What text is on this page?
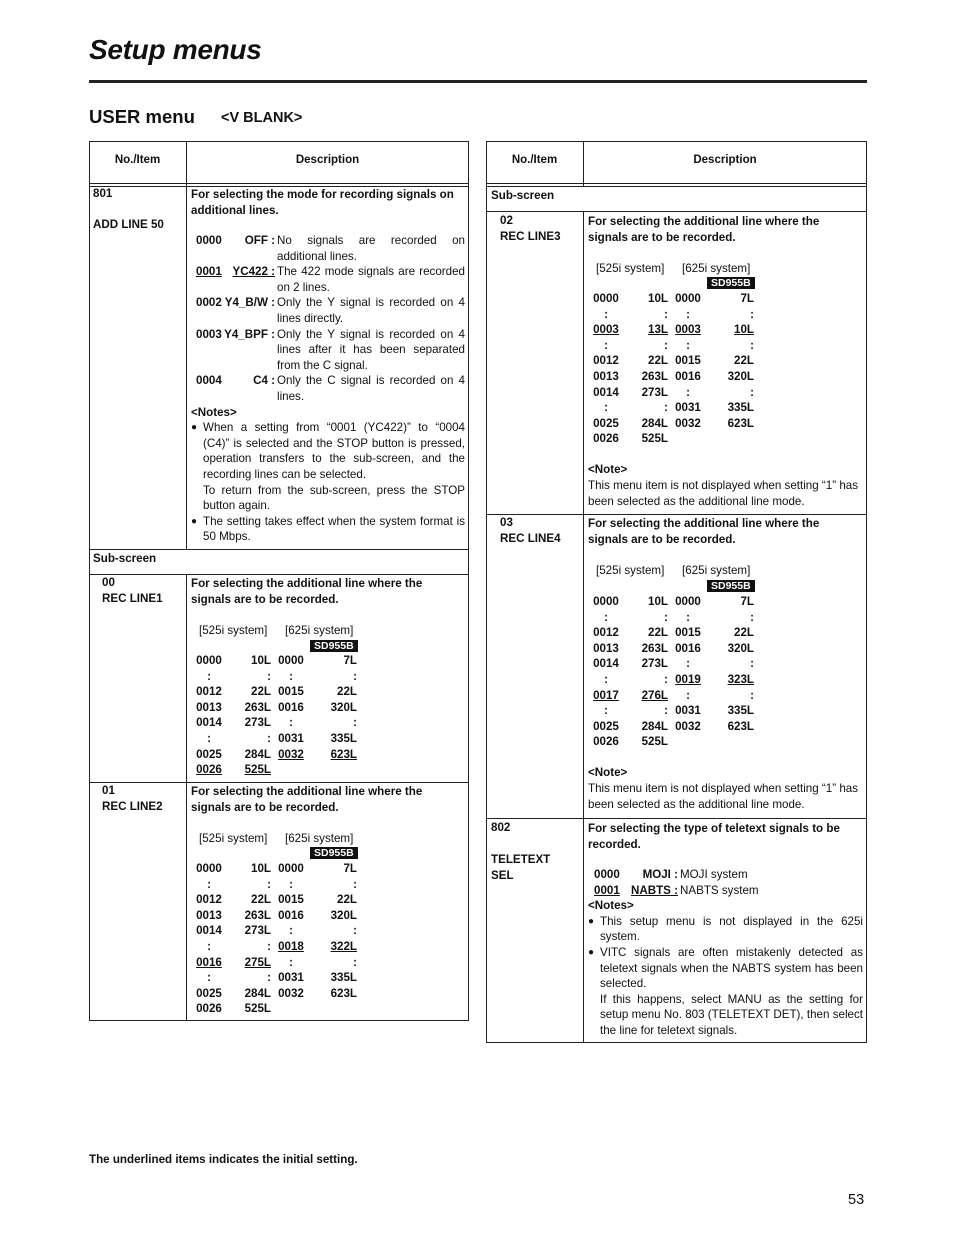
Setup menus
USER menu <V BLANK>
No./Item	Description
801
ADD LINE 50
For selecting the mode for recording signals on additional lines.
0000 OFF : No signals are recorded on additional lines.
0001 YC422 : The 422 mode signals are recorded on 2 lines.
0002 Y4_B/W : Only the Y signal is recorded on 4 lines directly.
0003 Y4_BPF : Only the Y signal is recorded on 4 lines after it has been separated from the C signal.
0004	C4 : Only the C signal is recorded on 4 lines.
<Notes>
● When a setting from “0001 (YC422)” to “0004 (C4)” is selected and the STOP button is pressed, operation transfers to the sub-screen, and the recording lines can be selected.
To return from the sub-screen, press the STOP button again.
● The setting takes effect when the system format is 50 Mbps.
Sub-screen
00
REC LINE1
For selecting the additional line where the signals are to be recorded.
[525i system] [625i system]
SD955B
0000	10L	0000	7L
:	:	:	:
0012	22L	0015	22L
0013	263L	0016	320L
0014	273L	:	:
:	:	0031	335L
0025	284L	0032	623L
0026	525L		
01
REC LINE2
For selecting the additional line where the signals are to be recorded.
[525i system] [625i system]
SD955B
0000	10L	0000	7L
:	:	:	:
0012	22L	0015	22L
0013	263L	0016	320L
0014	273L	:	:
:	:	0018	322L
0016	275L	:	:
:	:	0031	335L
0025	284L	0032	623L
0026	525L		
No./Item	Description
Sub-screen
02
REC LINE3
For selecting the additional line where the signals are to be recorded.
[525i system] [625i system]
SD955B
0000	10L	0000	7L
:	:	:	:
0003	13L	0003	10L
:	:	:	:
0012	22L	0015	22L
0013	263L	0016	320L
0014	273L	:	:
:	:	0031	335L
0025	284L	0032	623L
0026	525L		
<Note>
This menu item is not displayed when setting “1” has been selected as the additional line mode.
03
REC LINE4
For selecting the additional line where the signals are to be recorded.
[525i system] [625i system]
SD955B
0000	10L	0000	7L
:	:	:	:
0012	22L	0015	22L
0013	263L	0016	320L
0014	273L	:	:
:	:	0019	323L
0017	276L	:	:
:	:	0031	335L
0025	284L	0032	623L
0026	525L		
<Note>
This menu item is not displayed when setting “1” has been selected as the additional line mode.
802
TELETEXT SEL
For selecting the type of teletext signals to be recorded.
0000 MOJI : MOJI system
0001 NABTS : NABTS system
<Notes>
● This setup menu is not displayed in the 625i system.
● VITC signals are often mistakenly detected as teletext signals when the NABTS system has been selected.
If this happens, select MANU as the setting for setup menu No. 803 (TELETEXT DET), then select the line for teletext signals.
The underlined items indicates the initial setting.
53
